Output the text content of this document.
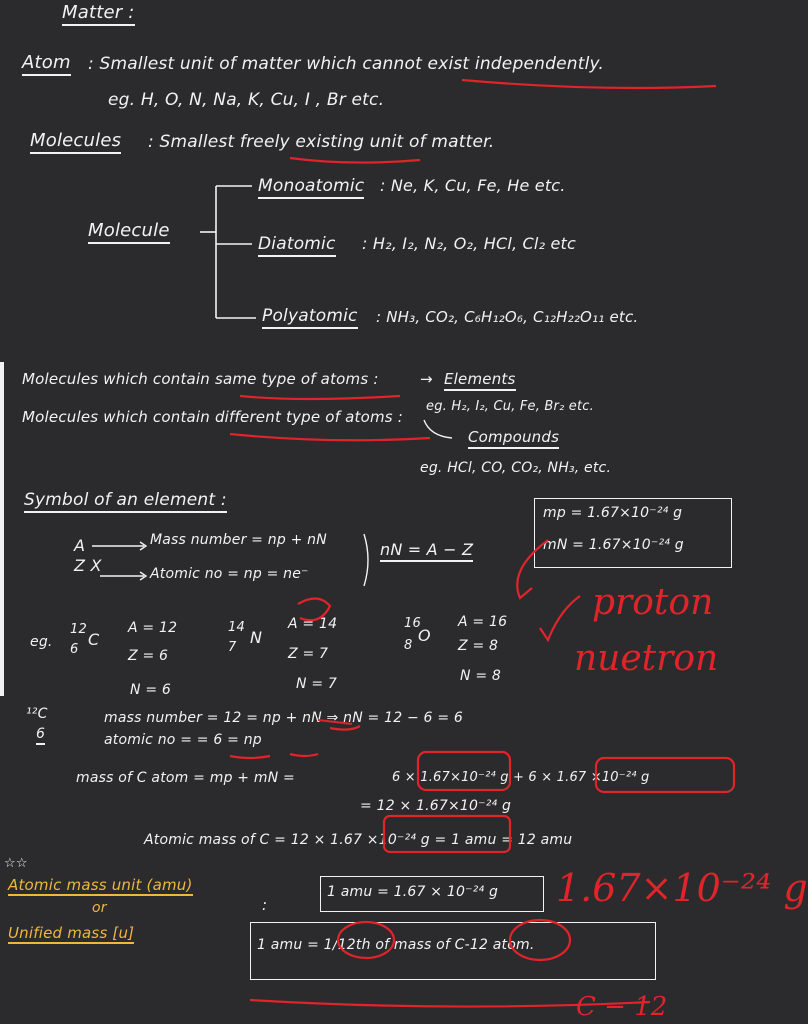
Matter :
Atom : Smallest unit of matter which cannot exist independently.
eg. H, O, N, Na, K, Cu, I , Br etc.
Molecules : Smallest freely existing unit of matter.
Molecule
Monoatomic : Ne, K, Cu, Fe, He etc.
Diatomic : H₂, I₂, N₂, O₂, HCl, Cl₂ etc
Polyatomic : NH₃, CO₂, C₆H₁₂O₆, C₁₂H₂₂O₁₁ etc.
Molecules which contain same type of atoms :	→ Elements
eg. H₂, I₂, Cu, Fe, Br₂ etc.
Molecules which contain different type of atoms :
Compounds
eg. HCl, CO, CO₂, NH₃, etc.
Symbol of an element :
A
Z X
Mass number = np + nN
Atomic no = np = ne⁻
nN = A − Z
mp = 1.67×10⁻²⁴ g
mN = 1.67×10⁻²⁴ g
proton
nuetron
eg.
12
6
C
A = 12
Z = 6
N = 6
14
7
N
A = 14
Z = 7
N = 7
16
8
O
A = 16
Z = 8
N = 8
¹²C
6
mass number = 12 = np + nN ⇒ nN = 12 − 6 = 6
atomic no = = 6 = np
mass of C atom = mp + mN =	6 × 1.67×10⁻²⁴ g + 6 × 1.67 ×10⁻²⁴ g
= 12 × 1.67×10⁻²⁴ g
Atomic mass of C = 12 × 1.67 ×10⁻²⁴ g = 1 amu = 12 amu
☆☆
Atomic mass unit (amu)
or
Unified mass [u]
:
1 amu = 1.67 × 10⁻²⁴ g 1.67×10⁻²⁴ g
1 amu = 1/12th of mass of C-12 atom.
C − 12
